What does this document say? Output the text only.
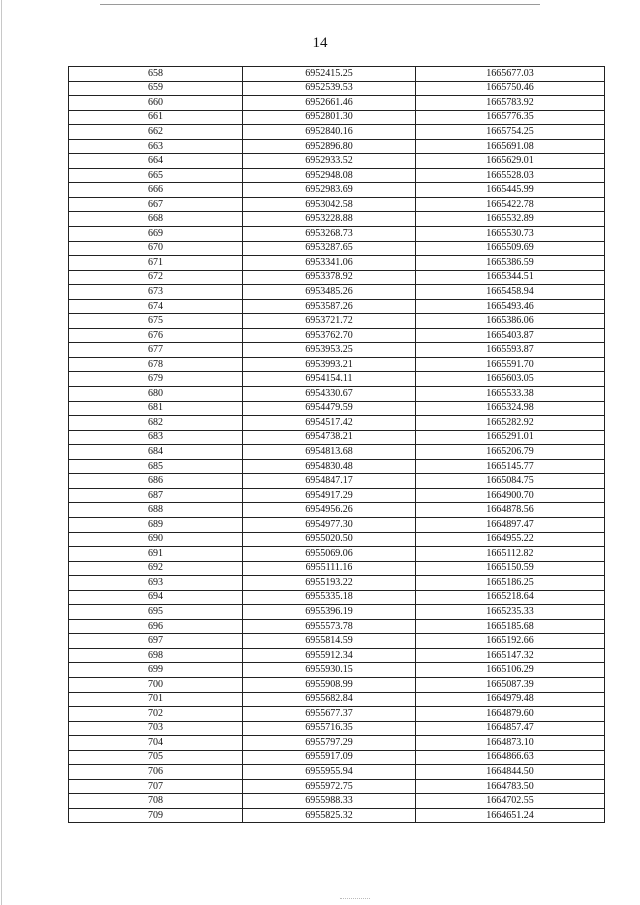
14
658	6952415.25	1665677.03
659	6952539.53	1665750.46
660	6952661.46	1665783.92
661	6952801.30	1665776.35
662	6952840.16	1665754.25
663	6952896.80	1665691.08
664	6952933.52	1665629.01
665	6952948.08	1665528.03
666	6952983.69	1665445.99
667	6953042.58	1665422.78
668	6953228.88	1665532.89
669	6953268.73	1665530.73
670	6953287.65	1665509.69
671	6953341.06	1665386.59
672	6953378.92	1665344.51
673	6953485.26	1665458.94
674	6953587.26	1665493.46
675	6953721.72	1665386.06
676	6953762.70	1665403.87
677	6953953.25	1665593.87
678	6953993.21	1665591.70
679	6954154.11	1665603.05
680	6954330.67	1665533.38
681	6954479.59	1665324.98
682	6954517.42	1665282.92
683	6954738.21	1665291.01
684	6954813.68	1665206.79
685	6954830.48	1665145.77
686	6954847.17	1665084.75
687	6954917.29	1664900.70
688	6954956.26	1664878.56
689	6954977.30	1664897.47
690	6955020.50	1664955.22
691	6955069.06	1665112.82
692	6955111.16	1665150.59
693	6955193.22	1665186.25
694	6955335.18	1665218.64
695	6955396.19	1665235.33
696	6955573.78	1665185.68
697	6955814.59	1665192.66
698	6955912.34	1665147.32
699	6955930.15	1665106.29
700	6955908.99	1665087.39
701	6955682.84	1664979.48
702	6955677.37	1664879.60
703	6955716.35	1664857.47
704	6955797.29	1664873.10
705	6955917.09	1664866.63
706	6955955.94	1664844.50
707	6955972.75	1664783.50
708	6955988.33	1664702.55
709	6955825.32	1664651.24
